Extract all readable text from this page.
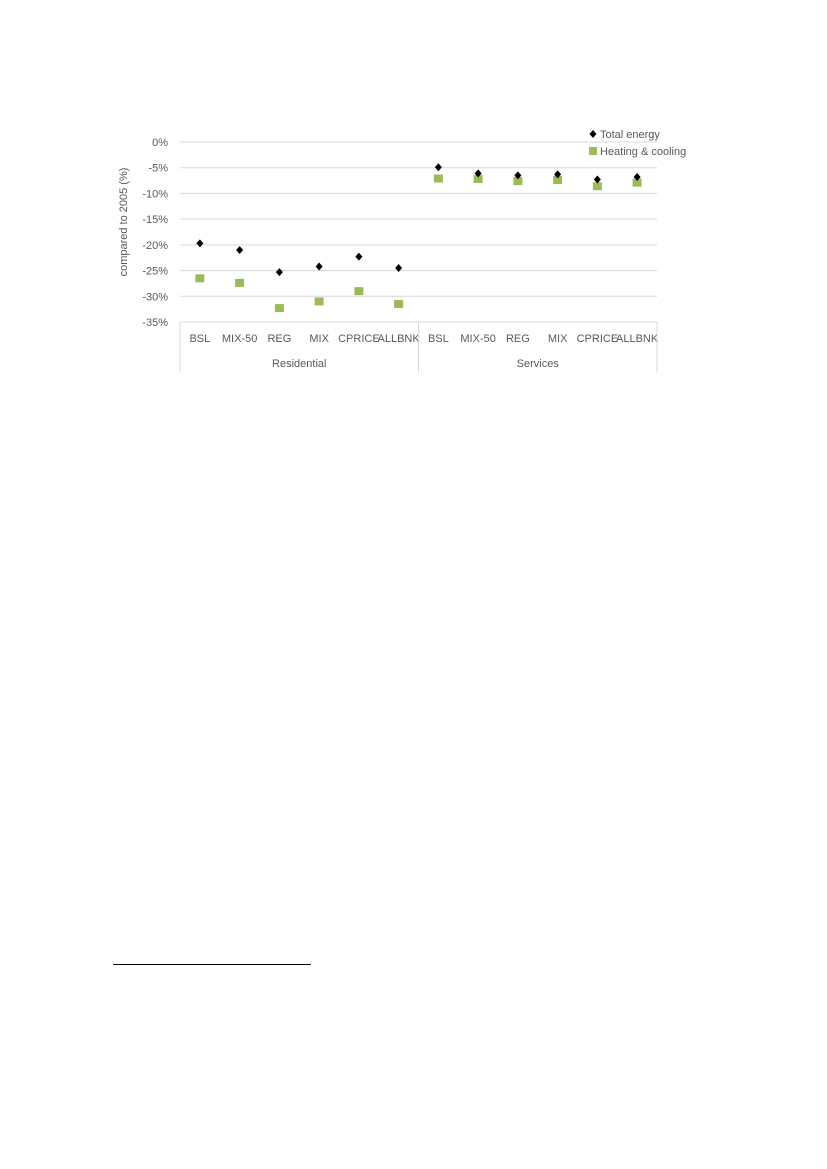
0%
-5%
-10%
-15%
-20%
-25%
-30%
-35%
compared to 2005 (%)
BSL MIX-50 REG MIX CPRICE
ALLBNK BSL MIX-50 REG MIX CPRICE
ALLBNK
Residential	Services
Total energy
Heating & cooling
